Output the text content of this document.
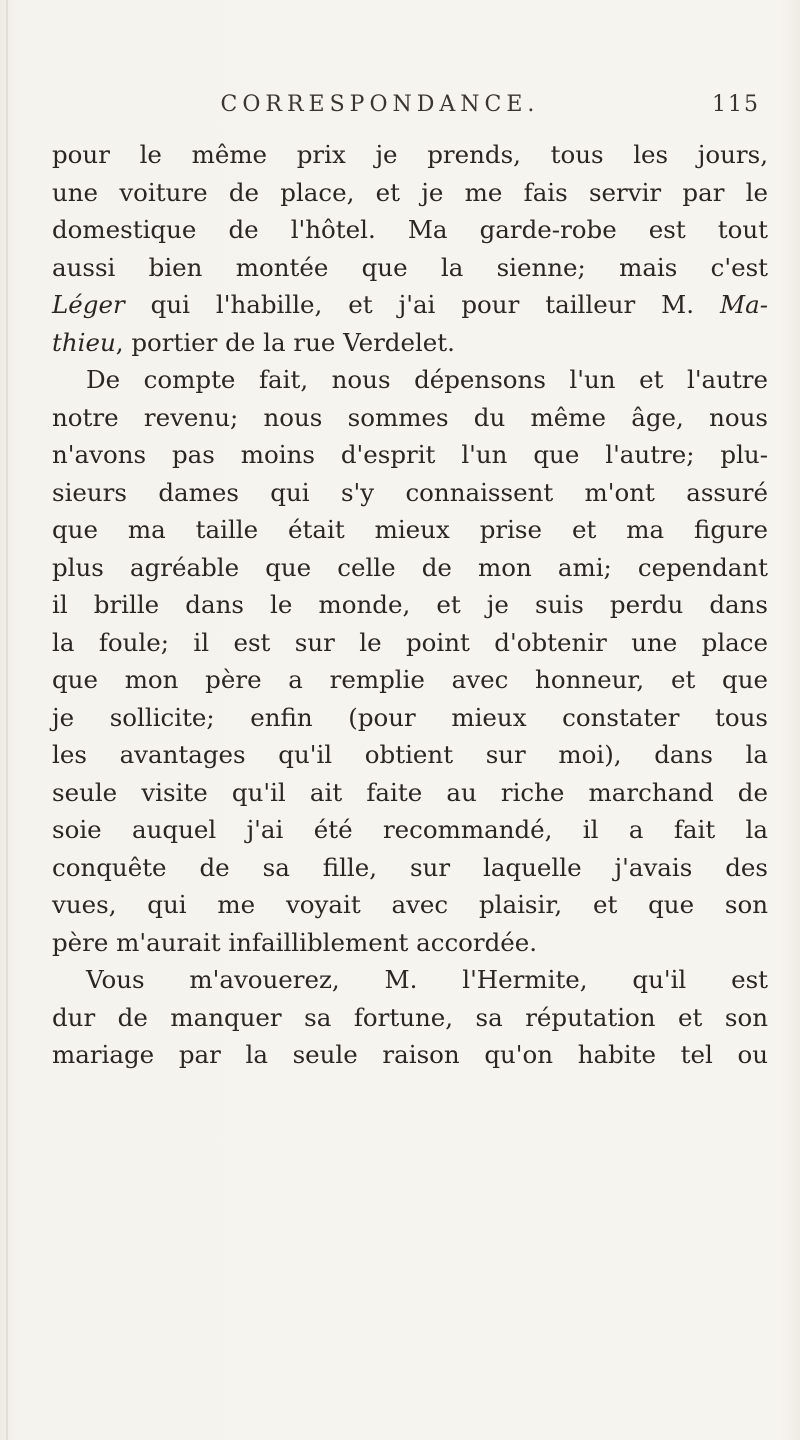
CORRESPONDANCE.	115
pour le même prix je prends, tous les jours,
une voiture de place, et je me fais servir par le
domestique de l'hôtel. Ma garde-robe est tout
aussi bien montée que la sienne; mais c'est
Léger qui l'habille, et j'ai pour tailleur M. Ma-
thieu, portier de la rue Verdelet.
De compte fait, nous dépensons l'un et l'autre
notre revenu; nous sommes du même âge, nous
n'avons pas moins d'esprit l'un que l'autre; plu-
sieurs dames qui s'y connaissent m'ont assuré
que ma taille était mieux prise et ma figure
plus agréable que celle de mon ami; cependant
il brille dans le monde, et je suis perdu dans
la foule; il est sur le point d'obtenir une place
que mon père a remplie avec honneur, et que
je sollicite; enfin (pour mieux constater tous
les avantages qu'il obtient sur moi), dans la
seule visite qu'il ait faite au riche marchand de
soie auquel j'ai été recommandé, il a fait la
conquête de sa fille, sur laquelle j'avais des
vues, qui me voyait avec plaisir, et que son
père m'aurait infailliblement accordée.
Vous m'avouerez, M. l'Hermite, qu'il est
dur de manquer sa fortune, sa réputation et son
mariage par la seule raison qu'on habite tel ou
